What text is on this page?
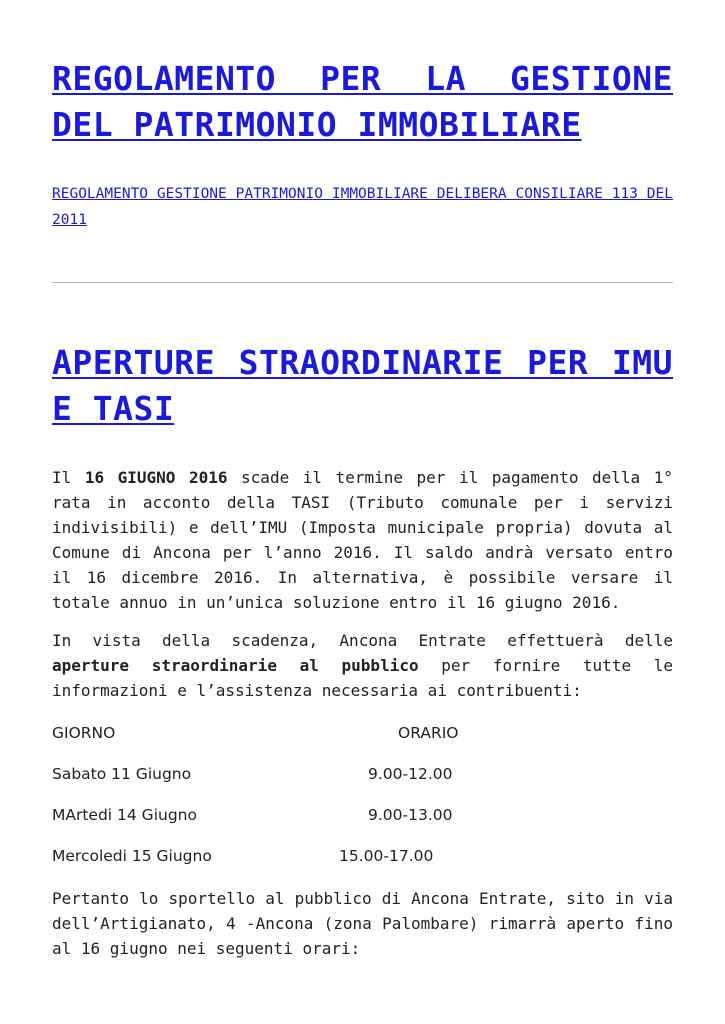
REGOLAMENTO PER LA GESTIONE DEL PATRIMONIO IMMOBILIARE
REGOLAMENTO GESTIONE PATRIMONIO IMMOBILIARE DELIBERA CONSILIARE 113 DEL 2011
APERTURE STRAORDINARIE PER IMU E TASI

Il 16 GIUGNO 2016 scade il termine per il pagamento della 1° rata in acconto della TASI (Tributo comunale per i servizi indivisibili) e dell’IMU (Imposta municipale propria) dovuta al Comune di Ancona per l’anno 2016. Il saldo andrà versato entro il 16 dicembre 2016. In alternativa, è possibile versare il totale annuo in un’unica soluzione entro il 16 giugno 2016.

In vista della scadenza, Ancona Entrate effettuerà delle aperture straordinarie al pubblico per fornire tutte le informazioni e l’assistenza necessaria ai contribuenti:

GIORNO	ORARIO
Sabato 11 Giugno	9.00-12.00
MArtedi 14 Giugno	9.00-13.00
Mercoledi 15 Giugno	15.00-17.00

Pertanto lo sportello al pubblico di Ancona Entrate, sito in via dell’Artigianato, 4 -Ancona (zona Palombare) rimarrà aperto fino al 16 giugno nei seguenti orari:
